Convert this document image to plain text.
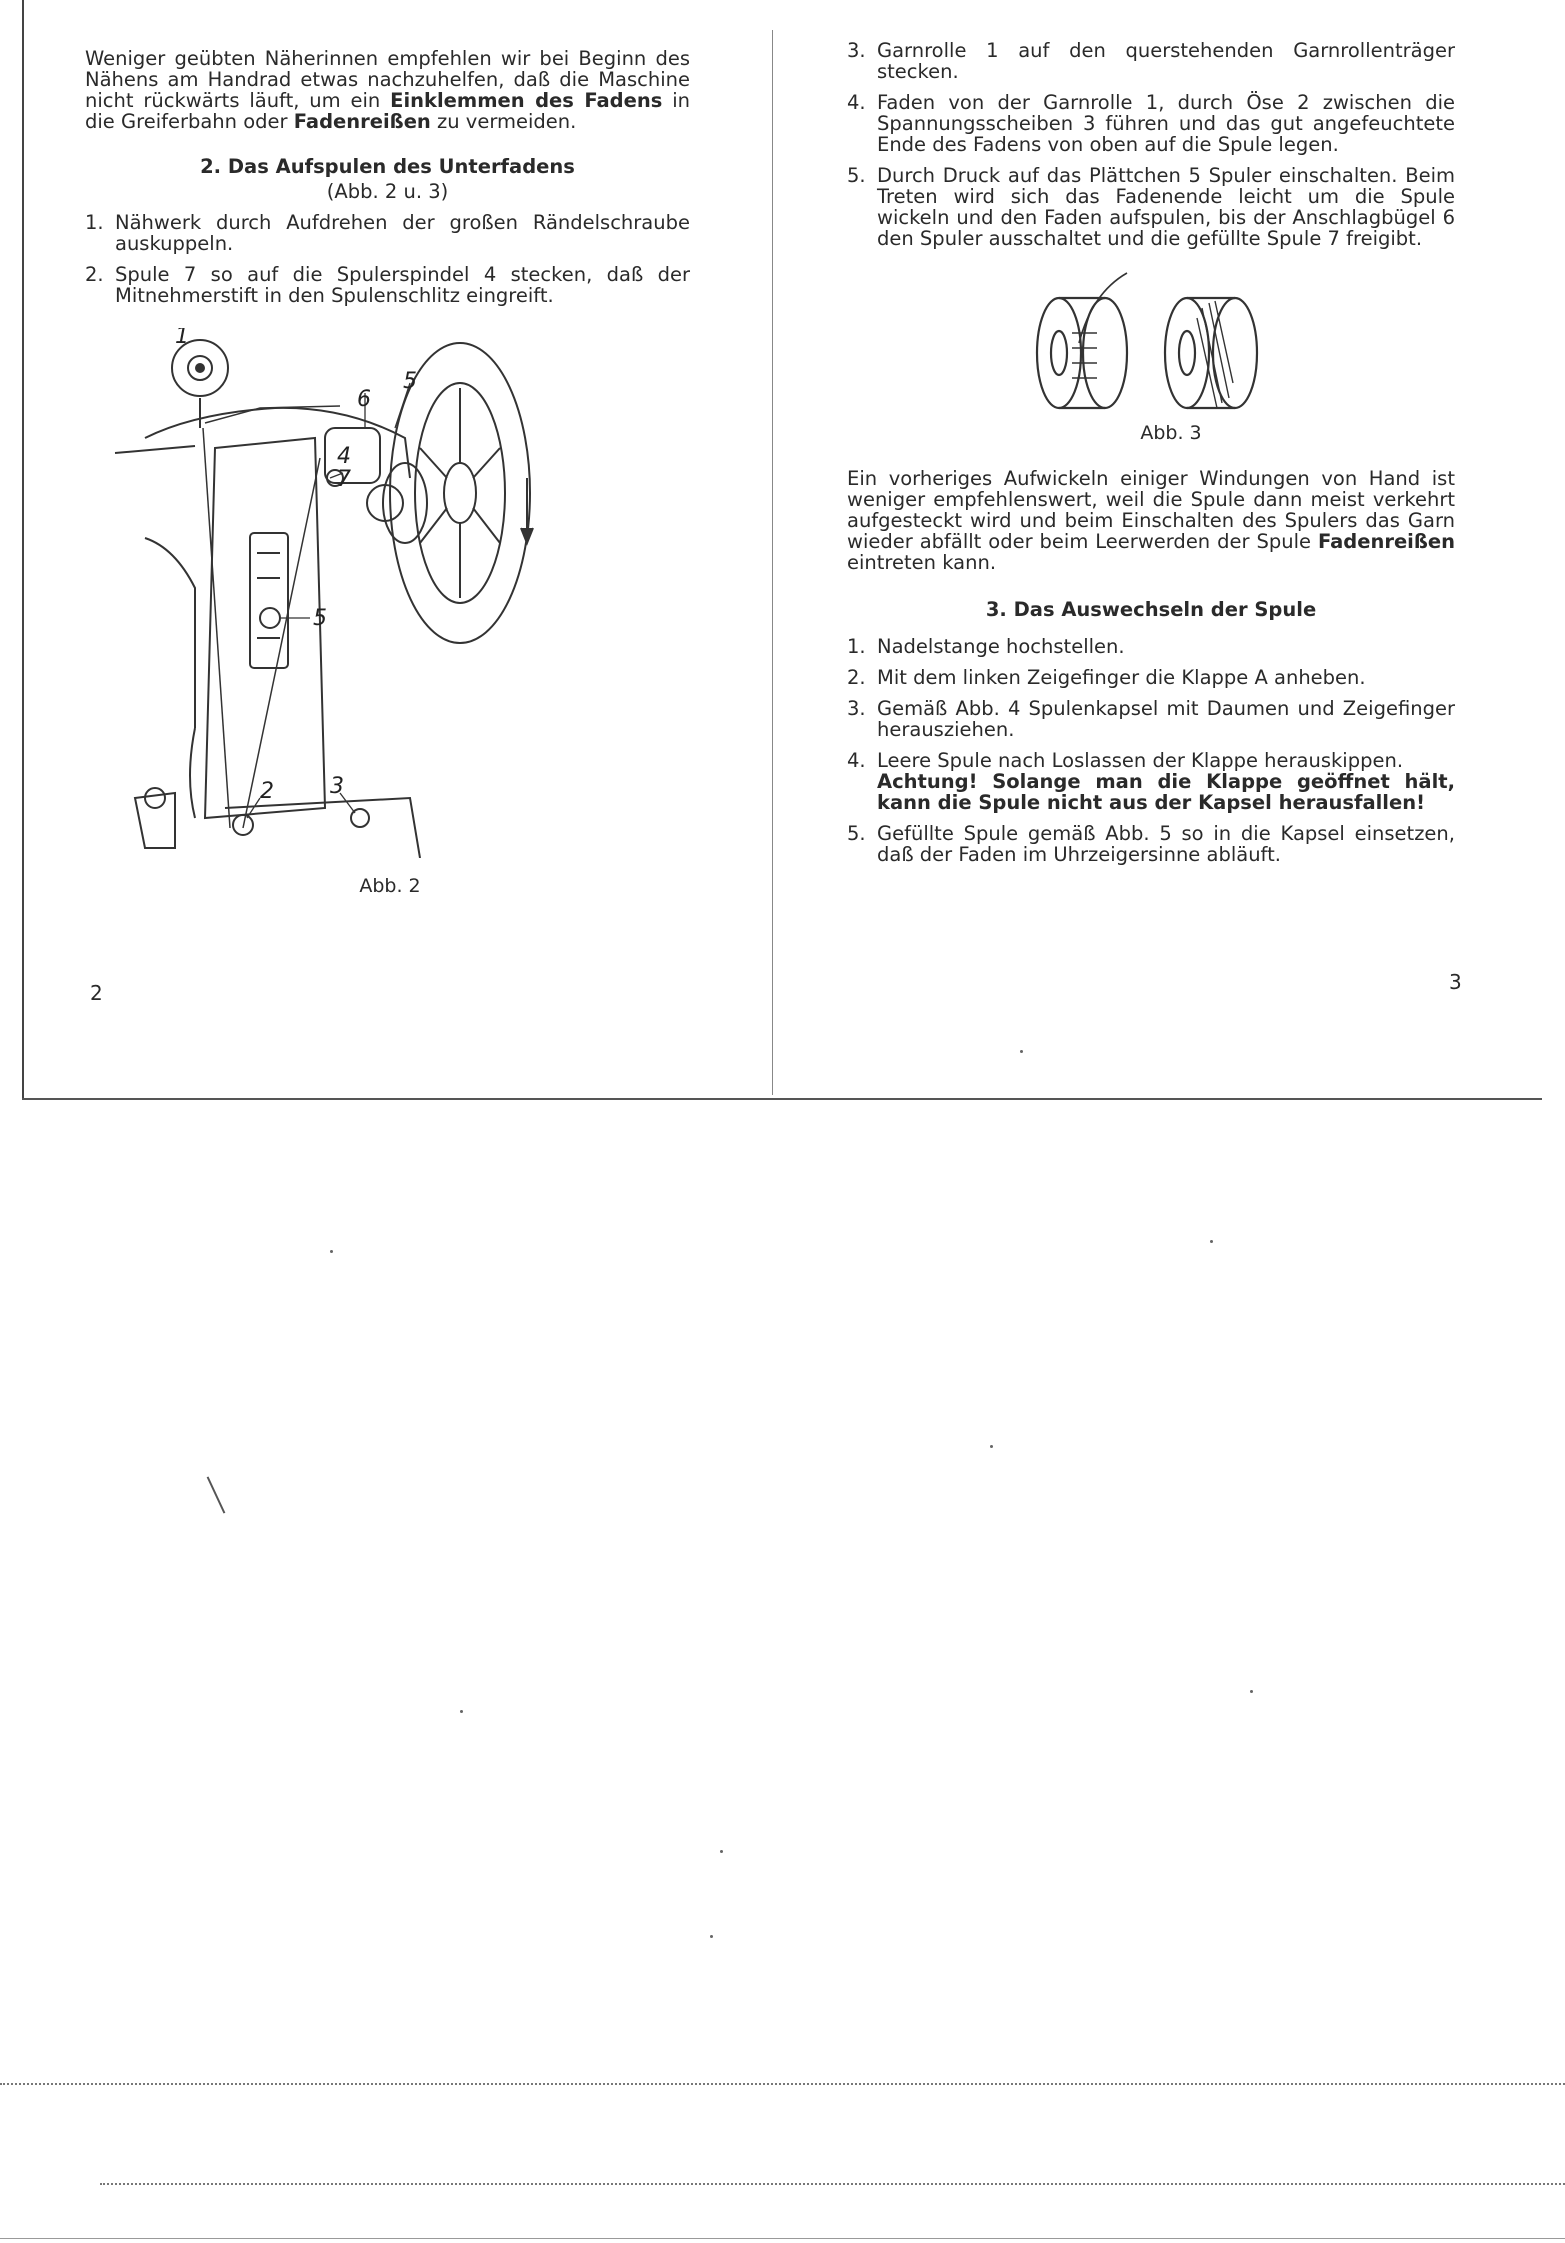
Weniger geübten Näherinnen empfehlen wir bei Beginn des Nähens am Handrad etwas nachzuhelfen, daß die Maschine nicht rückwärts läuft, um ein Einklemmen des Fadens in die Greiferbahn oder Fadenreißen zu vermeiden.

2. Das Aufspulen des Unterfadens

(Abb. 2 u. 3)

1. Nähwerk durch Aufdrehen der großen Rändelschraube auskuppeln.
2. Spule 7 so auf die Spulerspindel 4 stecken, daß der Mitnehmerstift in den Spulenschlitz eingreift.
1
5
6
4
7
5
2	3

Abb. 2

2
3. Garnrolle 1 auf den querstehenden Garnrollenträger stecken.
4. Faden von der Garnrolle 1, durch Öse 2 zwischen die Spannungsscheiben 3 führen und das gut angefeuchtete Ende des Fadens von oben auf die Spule legen.
5. Durch Druck auf das Plättchen 5 Spuler einschalten. Beim Treten wird sich das Fadenende leicht um die Spule wickeln und den Faden aufspulen, bis der Anschlagbügel 6 den Spuler ausschaltet und die gefüllte Spule 7 freigibt.

Abb. 3

Ein vorheriges Aufwickeln einiger Windungen von Hand ist weniger empfehlenswert, weil die Spule dann meist verkehrt aufgesteckt wird und beim Einschalten des Spulers das Garn wieder abfällt oder beim Leerwerden der Spule Fadenreißen eintreten kann.

3. Das Auswechseln der Spule

1. Nadelstange hochstellen.
2. Mit dem linken Zeigefinger die Klappe A anheben.
3. Gemäß Abb. 4 Spulenkapsel mit Daumen und Zeigefinger herausziehen.
4. Leere Spule nach Loslassen der Klappe herauskippen.
Achtung! Solange man die Klappe geöffnet hält, kann die Spule nicht aus der Kapsel herausfallen!
5. Gefüllte Spule gemäß Abb. 5 so in die Kapsel einsetzen, daß der Faden im Uhrzeigersinne abläuft.
3
